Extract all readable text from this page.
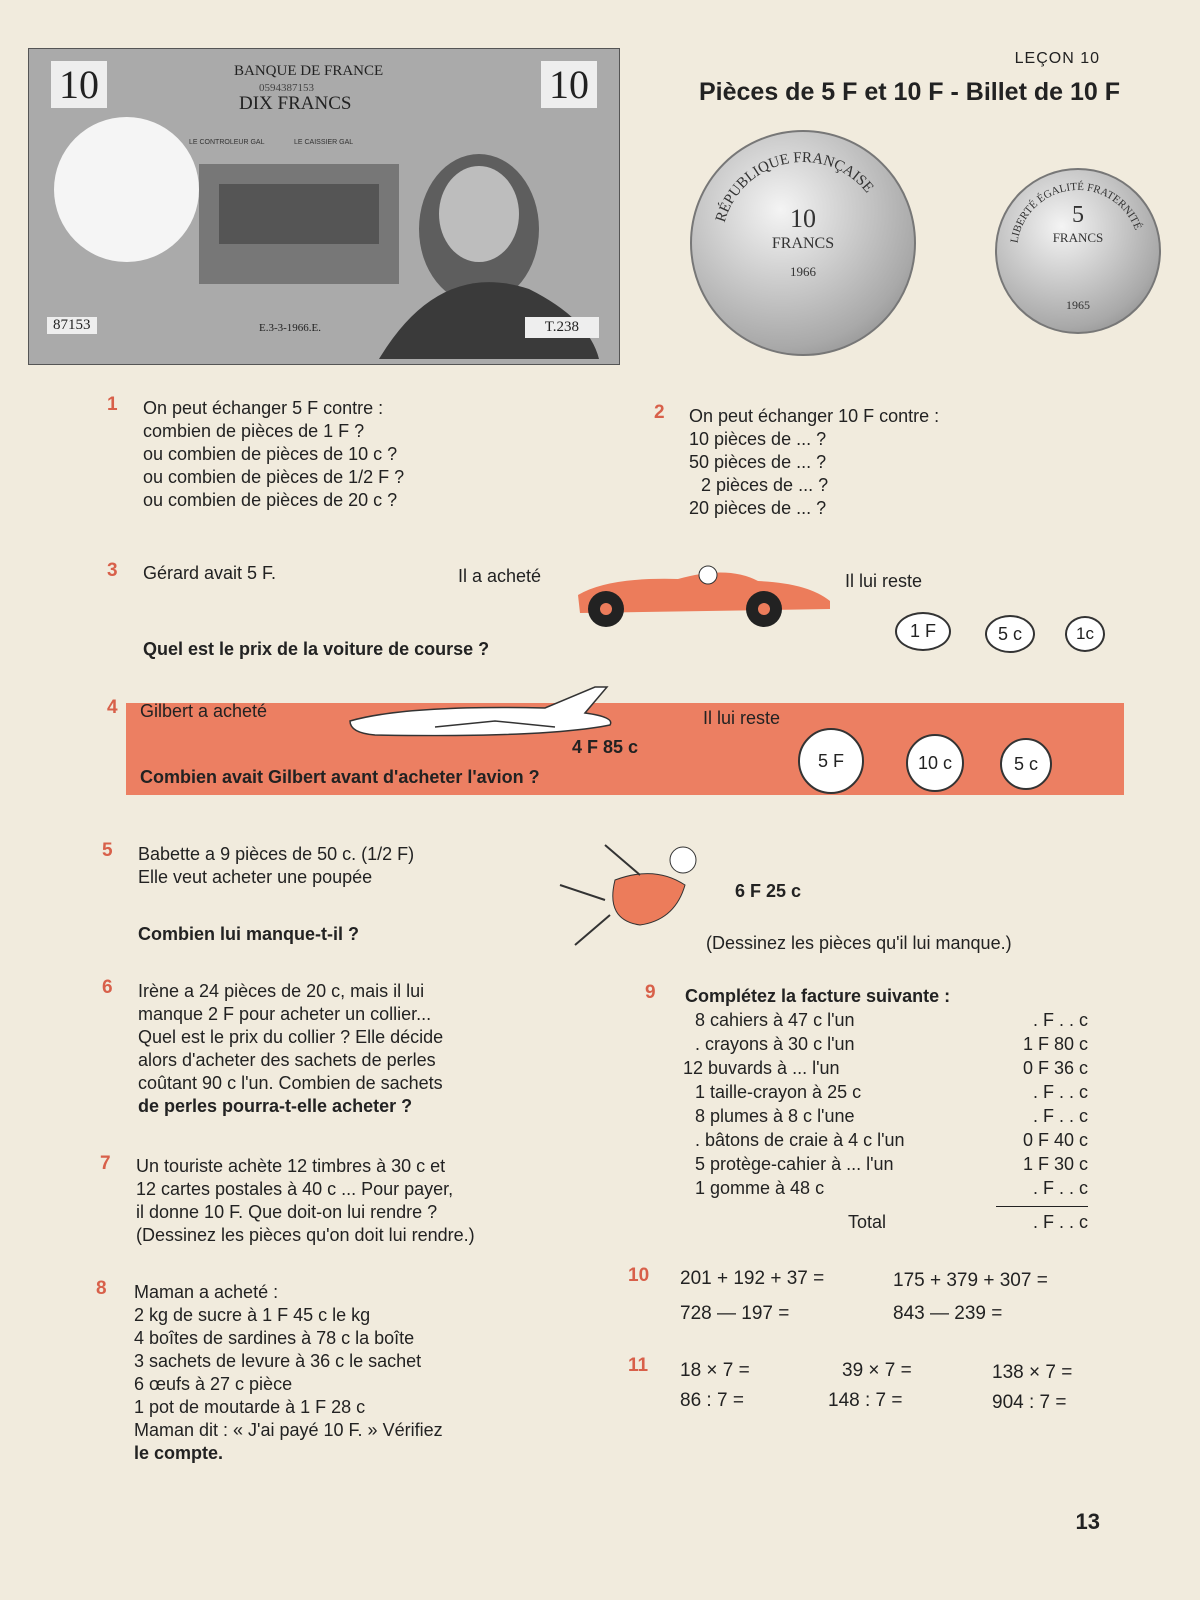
LEÇON 10
Pièces de 5 F et 10 F - Billet de 10 F
10	10
BANQUE DE FRANCE
0594387153
DIX FRANCS
LE CONTROLEUR GAL	LE CAISSIER GAL
87153	E.3-3-1966.E.	T.238
RÉPUBLIQUE FRANÇAISE
10
FRANCS
1966
LIBERTÉ ÉGALITÉ FRATERNITÉ
5
FRANCS
1965
1 On peut échanger 5 F contre :
combien de pièces de 1 F ?
ou combien de pièces de 10 c ?
ou combien de pièces de 1/2 F ?
ou combien de pièces de 20 c ?
2 On peut échanger 10 F contre :
10 pièces de ... ?
50 pièces de ... ?
2 pièces de ... ?
20 pièces de ... ?
3 Gérard avait 5 F.	Il a acheté	Il lui reste
1 F	5 c	1c
Quel est le prix de la voiture de course ?
4 Gilbert a acheté
4 F 85 c
Il lui reste
5 F	10 c	5 c
Combien avait Gilbert avant d'acheter l'avion ?
5 Babette a 9 pièces de 50 c. (1/2 F)
Elle veut acheter une poupée
6 F 25 c
Combien lui manque-t-il ?	(Dessinez les pièces qu'il lui manque.)
6 Irène a 24 pièces de 20 c, mais il lui
manque 2 F pour acheter un collier...
Quel est le prix du collier ? Elle décide
alors d'acheter des sachets de perles
coûtant 90 c l'un. Combien de sachets
de perles pourra-t-elle acheter ?
7 Un touriste achète 12 timbres à 30 c et
12 cartes postales à 40 c ... Pour payer,
il donne 10 F. Que doit-on lui rendre ?
(Dessinez les pièces qu'on doit lui rendre.)
8 Maman a acheté :
2 kg de sucre à 1 F 45 c le kg
4 boîtes de sardines à 78 c la boîte
3 sachets de levure à 36 c le sachet
6 œufs à 27 c pièce
1 pot de moutarde à 1 F 28 c
Maman dit : « J'ai payé 10 F. » Vérifiez
le compte.
9 Complétez la facture suivante :
8 cahiers à 47 c l'un	. F . . c
. crayons à 30 c l'un	1 F 80 c
12 buvards à ... l'un	0 F 36 c
1 taille-crayon à 25 c	. F . . c
8 plumes à 8 c l'une	. F . . c
. bâtons de craie à 4 c l'un	0 F 40 c
5 protège-cahier à ... l'un	1 F 30 c
1 gomme à 48 c	. F . . c
Total	. F . . c
10 201 + 192 + 37 =	175 + 379 + 307 =
728 — 197 =	843 — 239 =
11 18 × 7 =	39 × 7 =	138 × 7 =
86 : 7 =	148 : 7 =	904 : 7 =
13
